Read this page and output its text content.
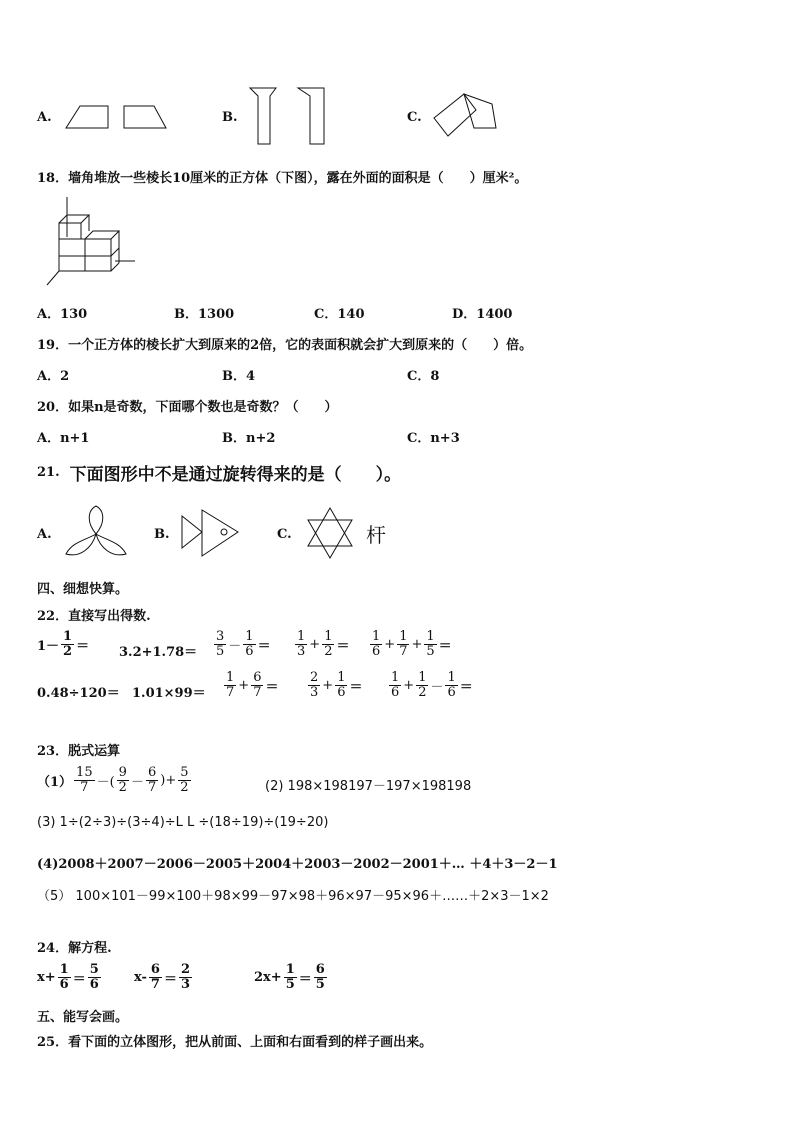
A.	B.	C.
18．墙角堆放一些棱长10厘米的正方体（下图），露在外面的面积是（　　）厘米²。
A．130	B．1300	C．140	D．1400
19．一个正方体的棱长扩大到原来的2倍，它的表面积就会扩大到原来的（　　）倍。
A．2	B．4	C．8
20．如果n是奇数，下面哪个数也是奇数？（　　）
A．n+1	B．n+2	C．n+3
21. 下面图形中不是通过旋转得来的是（　　）。
A.	B.	C.	杆
四、细想快算。
22．直接写出得数.
$1- \frac{1}{2} = 3.2+1.78= \frac{3}{5} - \frac{1}{6} = \frac{1}{3} + \frac{1}{2} = \frac{1}{6} + \frac{1}{7} + \frac{1}{5}$ ＝
$0.48\div 120= 1.01\times 99= \frac{1}{7} + \frac{6}{7} = \frac{2}{3} + \frac{1}{6} = \frac{1}{6} + \frac{1}{2} - \frac{1}{6}$ ＝
23．脱式运算
$(1) \frac{15}{7}$ －( $\frac{9}{2} - \frac{6}{7}$ )+ $\frac{5}{2}$	(2) 198×198197－197×198198
(3) 1÷(2÷3)÷(3÷4)÷L L ÷(18÷19)÷(19÷20)
(4)2008＋2007－2006－2005＋2004＋2003－2002－2001＋… ＋4＋3－2－1
（5） 100×101－99×100＋98×99－97×98＋96×97－95×96＋……＋2×3－1×2
24．解方程.
$x+ \frac{1}{6} = \frac{5}{6}$	$x- \frac{6}{7} = \frac{2}{3}$	$2x+ \frac{1}{5} = \frac{6}{5}$
五、能写会画。
25．看下面的立体图形，把从前面、上面和右面看到的样子画出来。
